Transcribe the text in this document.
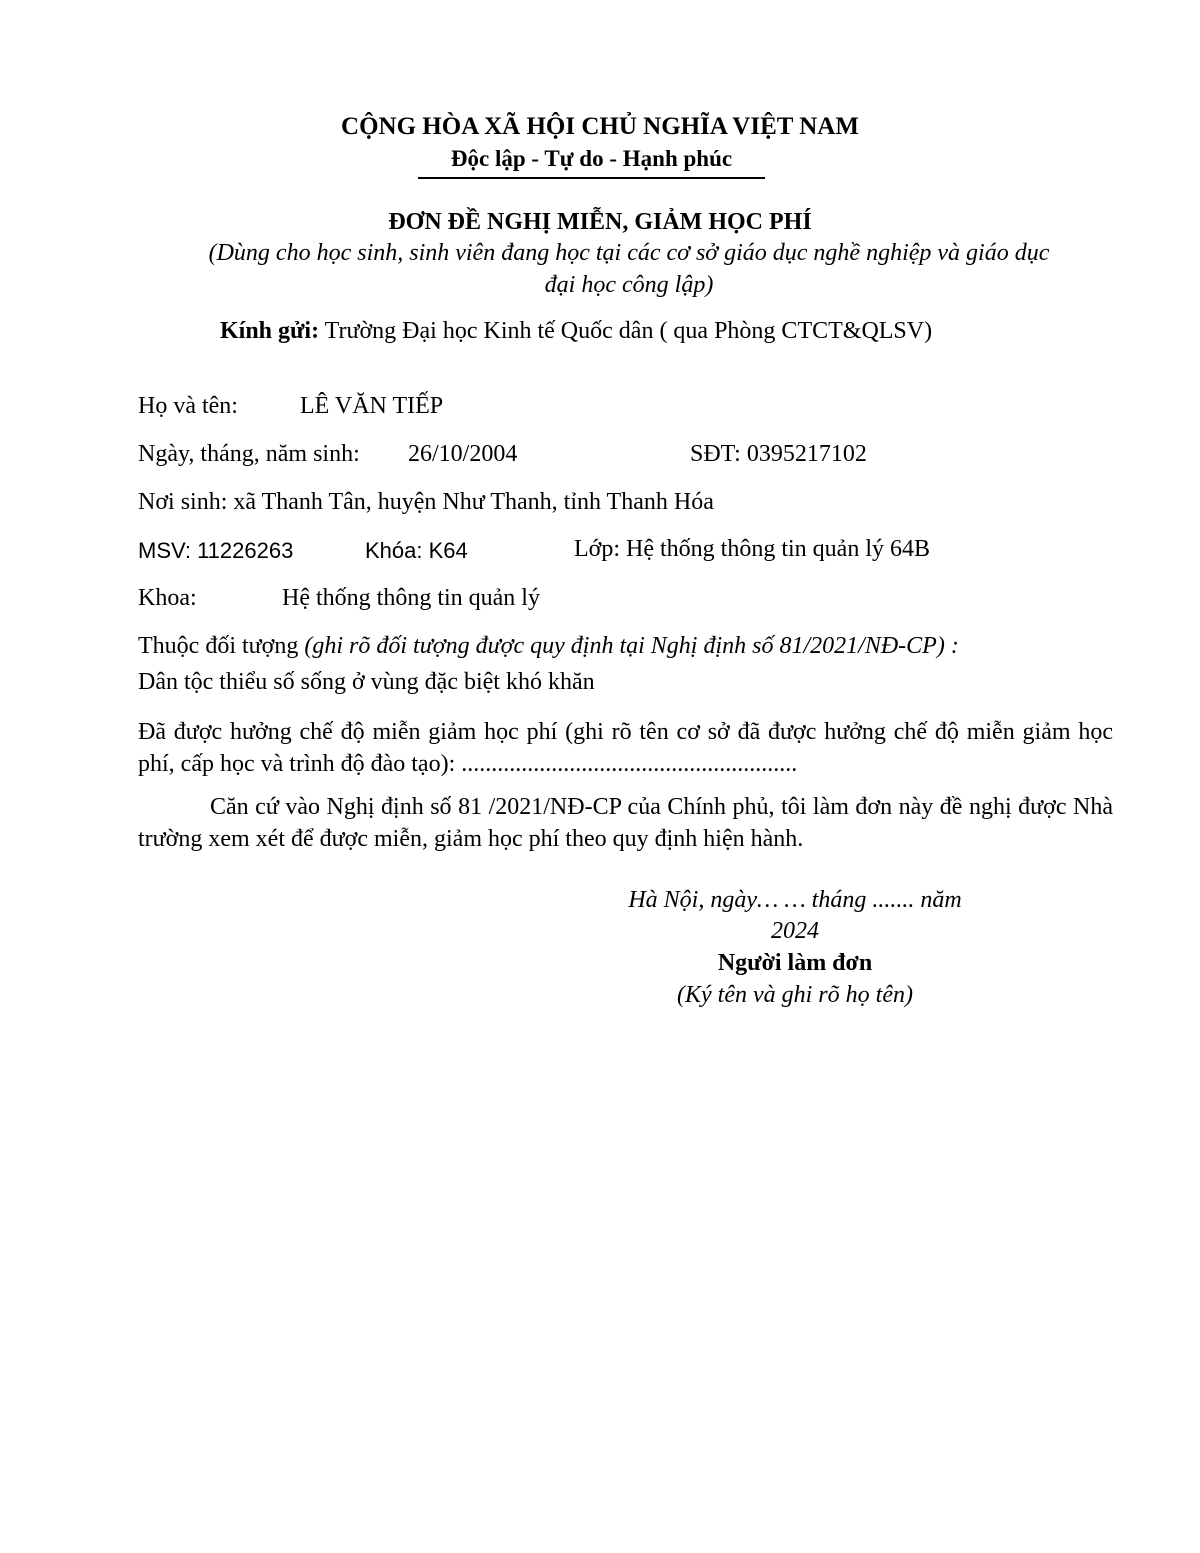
CỘNG HÒA XÃ HỘI CHỦ NGHĨA VIỆT NAM
Độc lập - Tự do - Hạnh phúc
ĐƠN ĐỀ NGHỊ MIỄN, GIẢM HỌC PHÍ
(Dùng cho học sinh, sinh viên đang học tại các cơ sở giáo dục nghề nghiệp và giáo dục
đại học công lập)
Kính gửi: Trường Đại học Kinh tế Quốc dân ( qua Phòng CTCT&QLSV)
Họ và tên:	LÊ VĂN TIẾP
Ngày, tháng, năm sinh: 26/10/2004	SĐT: 0395217102
Nơi sinh: xã Thanh Tân, huyện Như Thanh, tỉnh Thanh Hóa
MSV: 11226263	Khóa: K64	Lớp: Hệ thống thông tin quản lý 64B
Khoa:	Hệ thống thông tin quản lý
Thuộc đối tượng (ghi rõ đối tượng được quy định tại Nghị định số 81/2021/NĐ-CP) :
Dân tộc thiểu số sống ở vùng đặc biệt khó khăn
Đã được hưởng chế độ miễn giảm học phí (ghi rõ tên cơ sở đã được hưởng chế độ miễn giảm học phí, cấp học và trình độ đào tạo): ........................................................
Căn cứ vào Nghị định số 81 /2021/NĐ-CP của Chính phủ, tôi làm đơn này đề nghị được Nhà trường xem xét để được miễn, giảm học phí theo quy định hiện hành.
Hà Nội, ngày… … tháng ....... năm
2024
Người làm đơn
(Ký tên và ghi rõ họ tên)
